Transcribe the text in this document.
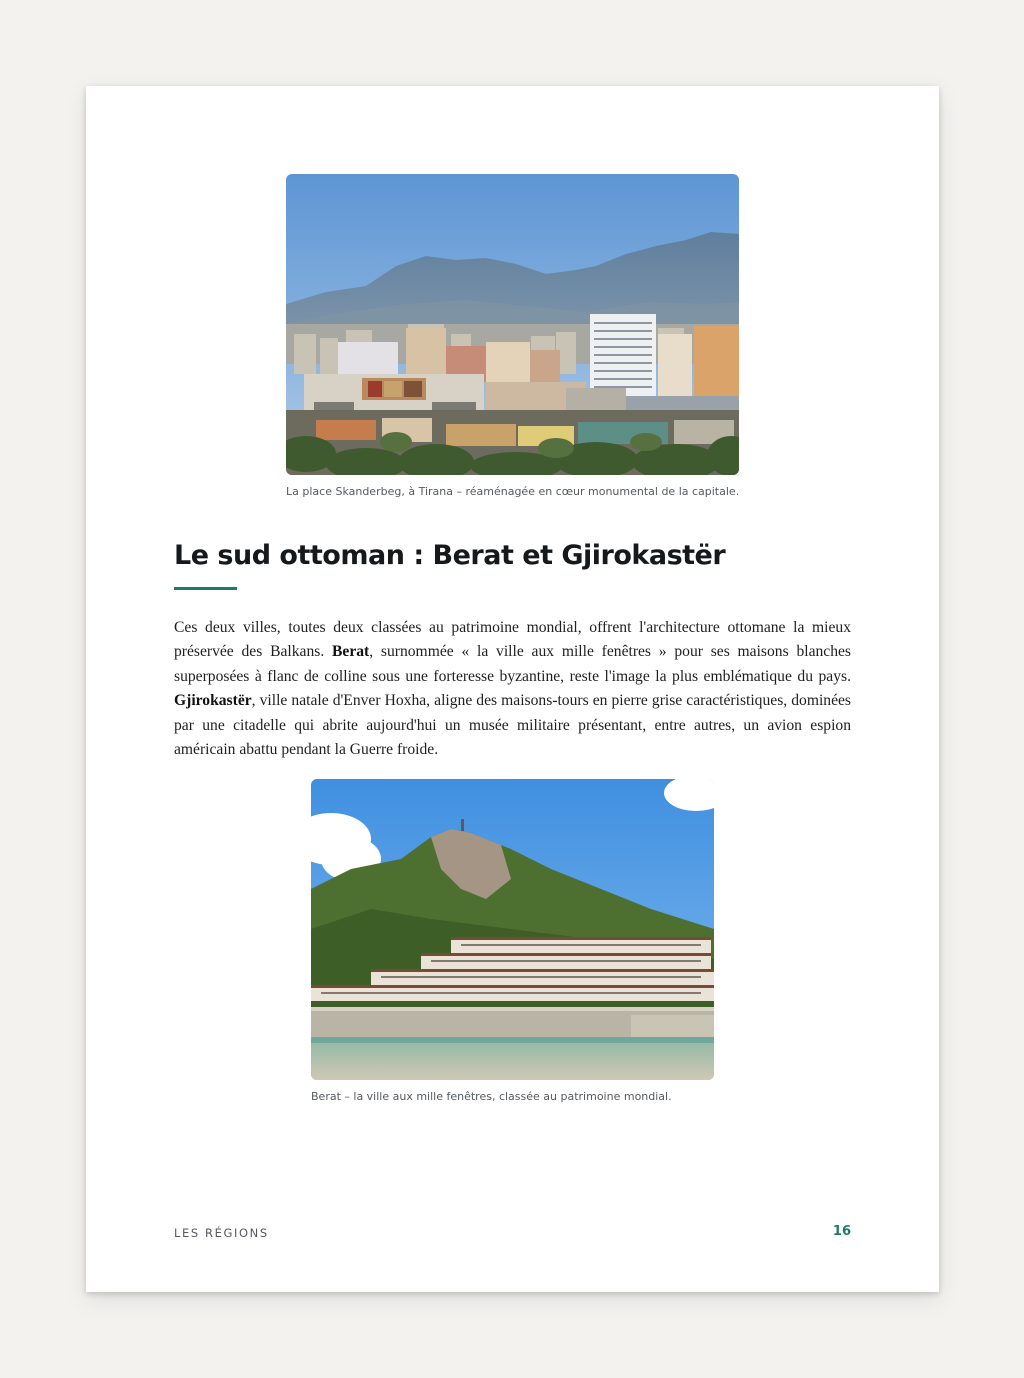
La place Skanderbeg, à Tirana – réaménagée en cœur monumental de la capitale.
Le sud ottoman : Berat et Gjirokastër

Ces deux villes, toutes deux classées au patrimoine mondial, offrent l'architecture ottomane la mieux préservée des Balkans. Berat, surnommée « la ville aux mille fenêtres » pour ses maisons blanches superposées à flanc de colline sous une forteresse byzantine, reste l'image la plus emblématique du pays. Gjirokastër, ville natale d'Enver Hoxha, aligne des maisons-tours en pierre grise caractéristiques, dominées par une citadelle qui abrite aujourd'hui un musée militaire présentant, entre autres, un avion espion américain abattu pendant la Guerre froide.

Berat – la ville aux mille fenêtres, classée au patrimoine mondial.
LES RÉGIONS	16
